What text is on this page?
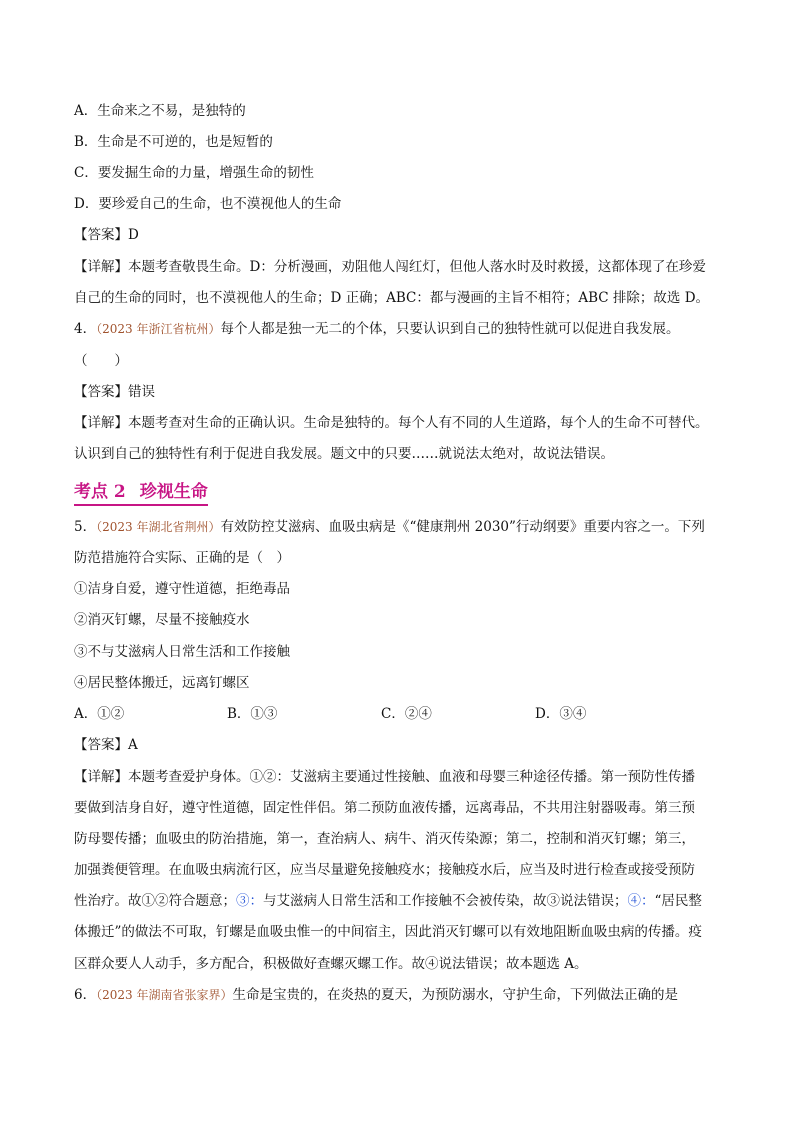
A．生命来之不易，是独特的
B．生命是不可逆的，也是短暂的
C．要发掘生命的力量，增强生命的韧性
D．要珍爱自己的生命，也不漠视他人的生命
【答案】D
【详解】本题考查敬畏生命。D：分析漫画，劝阻他人闯红灯，但他人落水时及时救援，这都体现了在珍爱
自己的生命的同时，也不漠视他人的生命；D 正确；ABC：都与漫画的主旨不相符；ABC 排除；故选 D。
4．（2023 年浙江省杭州）每个人都是独一无二的个体，只要认识到自己的独特性就可以促进自我发展。
（　　）
【答案】错误
【详解】本题考查对生命的正确认识。生命是独特的。每个人有不同的人生道路，每个人的生命不可替代。
认识到自己的独特性有利于促进自我发展。题文中的只要……就说法太绝对，故说法错误。
考点 2 珍视生命
5．（2023 年湖北省荆州）有效防控艾滋病、血吸虫病是《“健康荆州 2030”行动纲要》重要内容之一。下列
防范措施符合实际、正确的是（　）
①洁身自爱，遵守性道德，拒绝毒品
②消灭钉螺，尽量不接触疫水
③不与艾滋病人日常生活和工作接触
④居民整体搬迁，远离钉螺区
A．①②	B．①③	C．②④	D．③④
【答案】A
【详解】本题考查爱护身体。①②：艾滋病主要通过性接触、血液和母婴三种途径传播。第一预防性传播
要做到洁身自好，遵守性道德，固定性伴侣。第二预防血液传播，远离毒品，不共用注射器吸毒。第三预
防母婴传播；血吸虫的防治措施，第一，查治病人、病牛、消灭传染源；第二，控制和消灭钉螺；第三，
加强粪便管理。在血吸虫病流行区，应当尽量避免接触疫水；接触疫水后，应当及时进行检查或接受预防
性治疗。故①②符合题意；③：与艾滋病人日常生活和工作接触不会被传染，故③说法错误；④：“居民整
体搬迁”的做法不可取，钉螺是血吸虫惟一的中间宿主，因此消灭钉螺可以有效地阻断血吸虫病的传播。疫
区群众要人人动手，多方配合，积极做好查螺灭螺工作。故④说法错误；故本题选 A。
6．（2023 年湖南省张家界）生命是宝贵的，在炎热的夏天，为预防溺水，守护生命，下列做法正确的是
